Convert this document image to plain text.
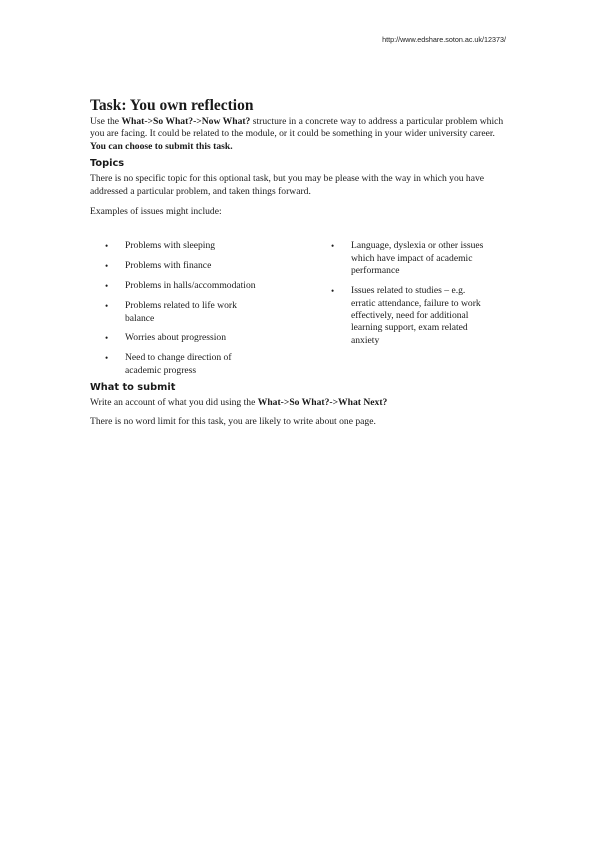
http://www.edshare.soton.ac.uk/12373/
Task: You own reflection

Use the What->So What?->Now What? structure in a concrete way to address a particular problem which you are facing. It could be related to the module, or it could be something in your wider university career. You can choose to submit this task.

Topics

There is no specific topic for this optional task, but you may be please with the way in which you have addressed a particular problem, and taken things forward.

Examples of issues might include:

• Problems with sleeping
• Problems with finance
• Problems in halls/accommodation
• Problems related to life work balance
• Worries about progression
• Need to change direction of academic progress
• Language, dyslexia or other issues which have impact of academic performance
• Issues related to studies – e.g. erratic attendance, failure to work effectively, need for additional learning support, exam related anxiety
What to submit

Write an account of what you did using the What->So What?->What Next?

There is no word limit for this task, you are likely to write about one page.
